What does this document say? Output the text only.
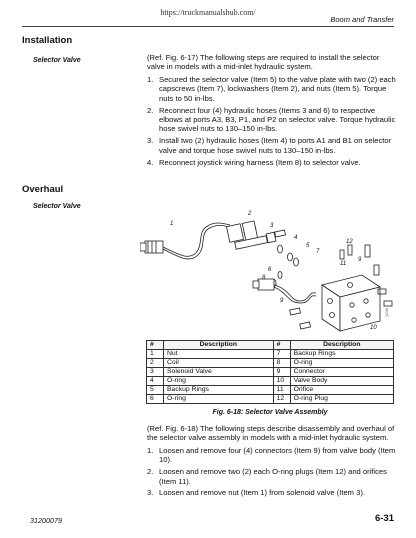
https://truckmanualshub.com/
Boom and Transfer
Installation
Selector Valve	(Ref. Fig. 6-17) The following steps are required to install the selector valve in models with a mid-inlet hydraulic system.
1. Secured the selector valve (Item 5) to the valve plate with two (2) each capscrews (Item 7), lockwashers (Item 2), and nuts (Item 5). Torque nuts to 50 in-lbs.
2. Reconnect four (4) hydraulic hoses (Items 3 and 6) to respective elbows at ports A3, B3, P1, and P2 on selector valve. Torque hydraulic hose swivel nuts to 130–150 in-lbs.
3. Install two (2) hydraulic hoses (Item 4) to ports A1 and B1 on selector valve and torque hose swivel nuts to 130–150 in-lbs.
4. Reconnect joystick wiring harness (Item 8) to selector valve.
Overhaul
Selector Valve
1
2
3
4
5
7
12
11
9
6
8
9
10
ij1030
#	Description	#	Description
1	Nut	7	Backup Rings
2	Coil	8	O-ring
3	Solenoid Valve	9	Connector
4	O-ring	10	Valve Body
5	Backup Rings	11	Orifice
6	O-ring	12	O-ring Plug
Fig. 6-18: Selector Valve Assembly
(Ref. Fig. 6-18) The following steps describe disassembly and overhaul of the selector valve assembly in models with a mid-inlet hydraulic system.
1. Loosen and remove four (4) connectors (Item 9) from valve body (Item 10).
2. Loosen and remove two (2) each O-ring plugs (Item 12) and orifices (Item 11).
3. Loosen and remove nut (Item 1) from solenoid valve (Item 3).
31200079	6-31
